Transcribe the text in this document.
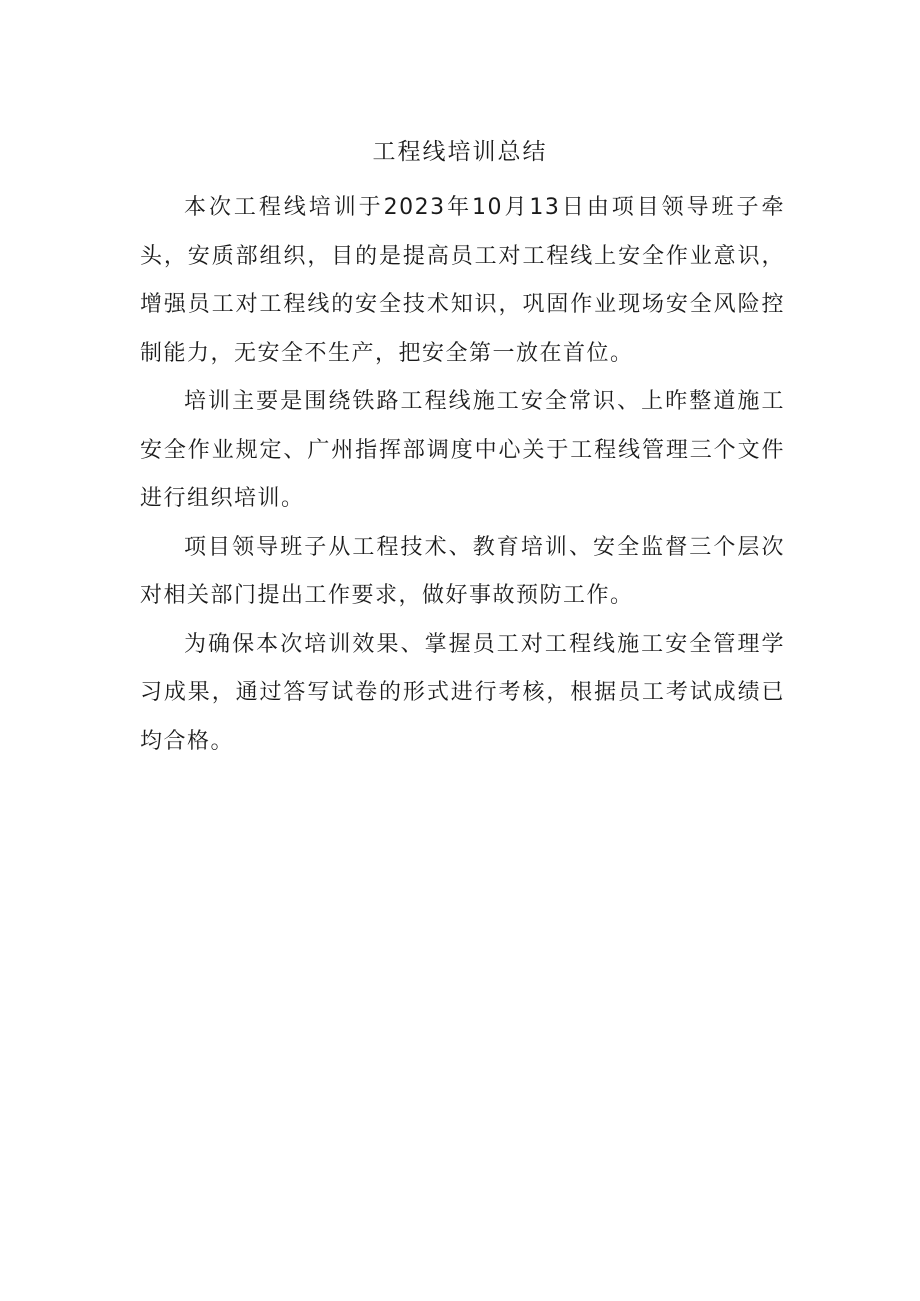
工程线培训总结

本次工程线培训于2023年10月13日由项目领导班子牵头，安质部组织，目的是提高员工对工程线上安全作业意识，增强员工对工程线的安全技术知识，巩固作业现场安全风险控制能力，无安全不生产，把安全第一放在首位。

培训主要是围绕铁路工程线施工安全常识、上昨整道施工安全作业规定、广州指挥部调度中心关于工程线管理三个文件进行组织培训。

项目领导班子从工程技术、教育培训、安全监督三个层次对相关部门提出工作要求，做好事故预防工作。

为确保本次培训效果、掌握员工对工程线施工安全管理学习成果，通过答写试卷的形式进行考核，根据员工考试成绩已均合格。
